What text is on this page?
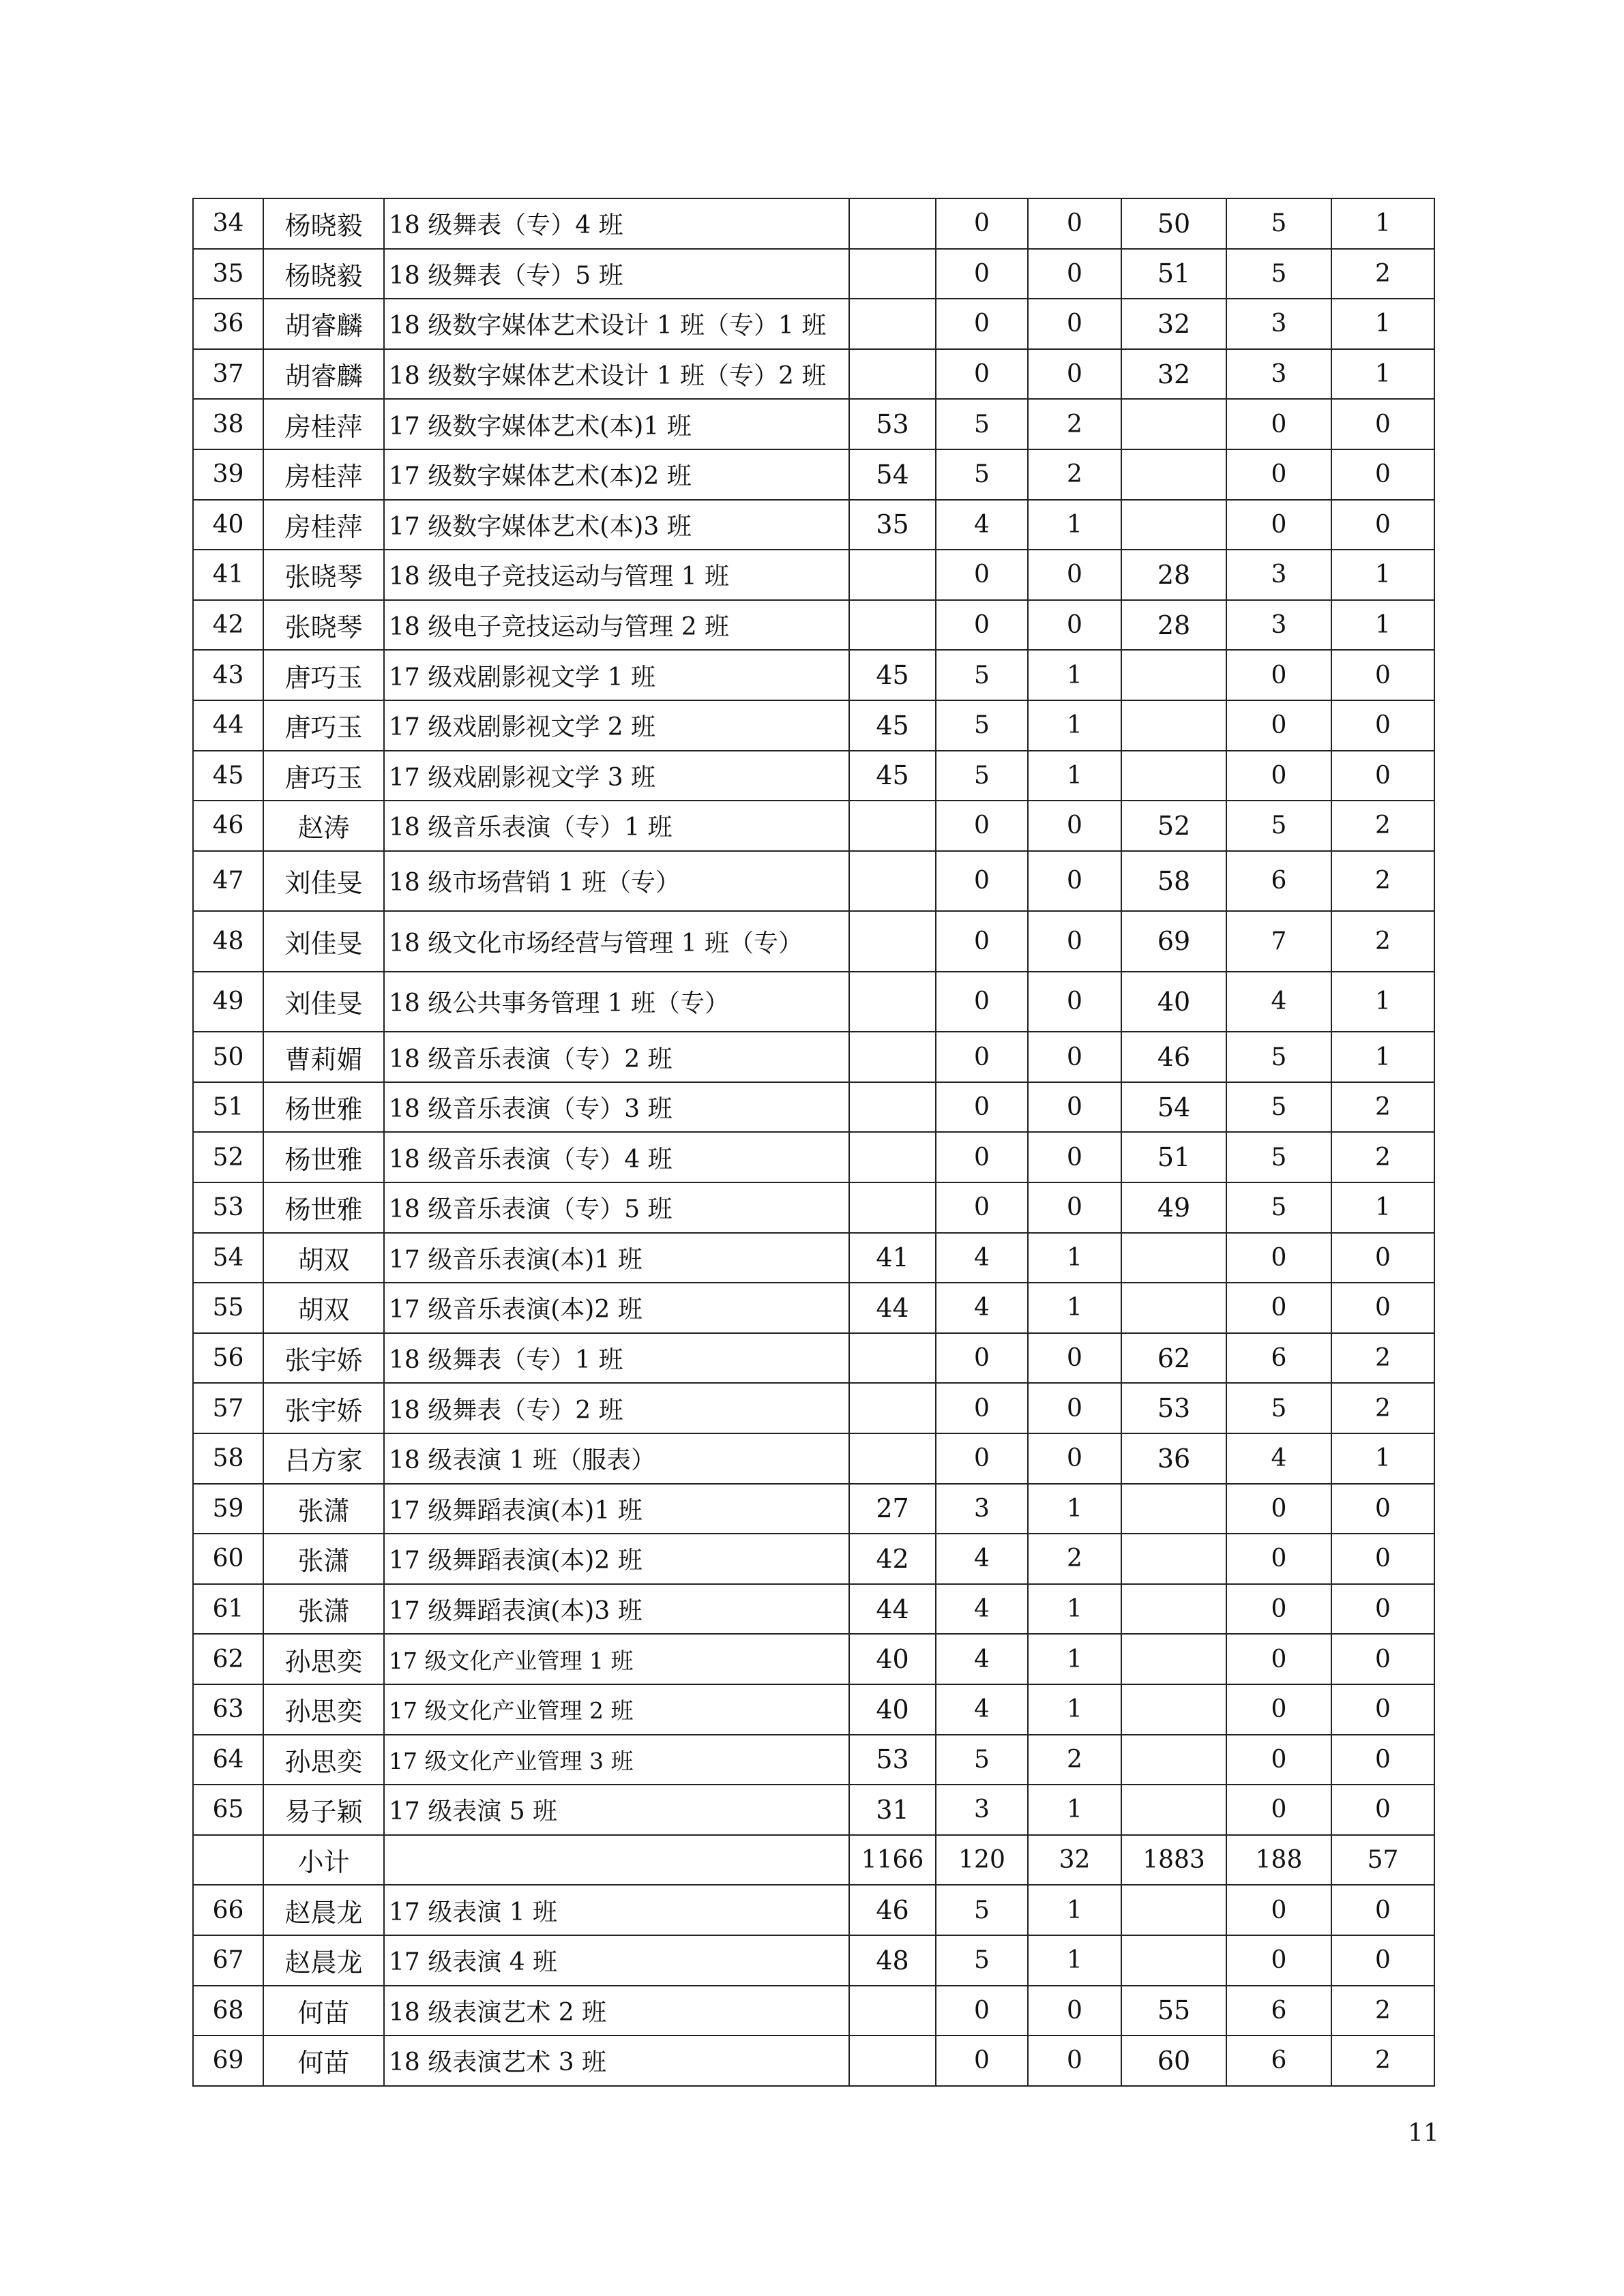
34	杨晓毅	18 级舞表（专）4 班		0	0	50	5	1
35	杨晓毅	18 级舞表（专）5 班		0	0	51	5	2
36	胡睿麟	18 级数字媒体艺术设计 1 班（专）1 班		0	0	32	3	1
37	胡睿麟	18 级数字媒体艺术设计 1 班（专）2 班		0	0	32	3	1
38	房桂萍	17 级数字媒体艺术(本)1 班	53	5	2		0	0
39	房桂萍	17 级数字媒体艺术(本)2 班	54	5	2		0	0
40	房桂萍	17 级数字媒体艺术(本)3 班	35	4	1		0	0
41	张晓琴	18 级电子竞技运动与管理 1 班		0	0	28	3	1
42	张晓琴	18 级电子竞技运动与管理 2 班		0	0	28	3	1
43	唐巧玉	17 级戏剧影视文学 1 班	45	5	1		0	0
44	唐巧玉	17 级戏剧影视文学 2 班	45	5	1		0	0
45	唐巧玉	17 级戏剧影视文学 3 班	45	5	1		0	0
46	赵涛	18 级音乐表演（专）1 班		0	0	52	5	2
47	刘佳旻	18 级市场营销 1 班（专）		0	0	58	6	2
48	刘佳旻	18 级文化市场经营与管理 1 班（专）		0	0	69	7	2
49	刘佳旻	18 级公共事务管理 1 班（专）		0	0	40	4	1
50	曹莉媚	18 级音乐表演（专）2 班		0	0	46	5	1
51	杨世雅	18 级音乐表演（专）3 班		0	0	54	5	2
52	杨世雅	18 级音乐表演（专）4 班		0	0	51	5	2
53	杨世雅	18 级音乐表演（专）5 班		0	0	49	5	1
54	胡双	17 级音乐表演(本)1 班	41	4	1		0	0
55	胡双	17 级音乐表演(本)2 班	44	4	1		0	0
56	张宇娇	18 级舞表（专）1 班		0	0	62	6	2
57	张宇娇	18 级舞表（专）2 班		0	0	53	5	2
58	吕方家	18 级表演 1 班（服表）		0	0	36	4	1
59	张潇	17 级舞蹈表演(本)1 班	27	3	1		0	0
60	张潇	17 级舞蹈表演(本)2 班	42	4	2		0	0
61	张潇	17 级舞蹈表演(本)3 班	44	4	1		0	0
62	孙思奕	17 级文化产业管理 1 班	40	4	1		0	0
63	孙思奕	17 级文化产业管理 2 班	40	4	1		0	0
64	孙思奕	17 级文化产业管理 3 班	53	5	2		0	0
65	易子颖	17 级表演 5 班	31	3	1		0	0
	小计		1166	120	32	1883	188	57
66	赵晨龙	17 级表演 1 班	46	5	1		0	0
67	赵晨龙	17 级表演 4 班	48	5	1		0	0
68	何苗	18 级表演艺术 2 班		0	0	55	6	2
69	何苗	18 级表演艺术 3 班		0	0	60	6	2
11
